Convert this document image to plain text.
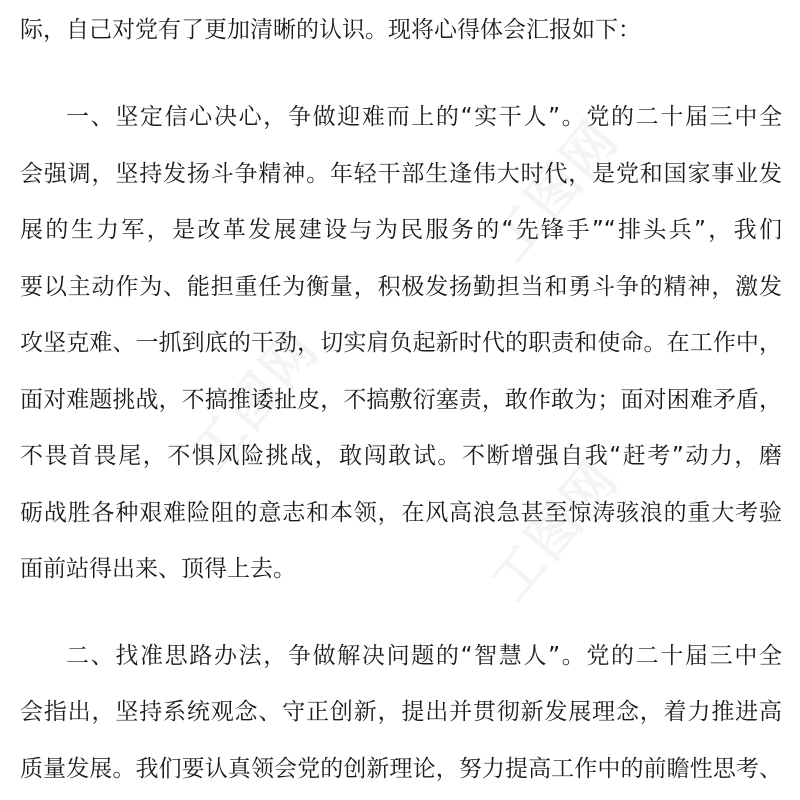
工图网
工图网
工图网
际，自己对党有了更加清晰的认识。现将心得体会汇报如下：
一、坚定信心决心，争做迎难而上的“实干人”。党的二十届三中全
会强调，坚持发扬斗争精神。年轻干部生逢伟大时代，是党和国家事业发
展的生力军，是改革发展建设与为民服务的“先锋手”“排头兵”，我们
要以主动作为、能担重任为衡量，积极发扬勤担当和勇斗争的精神，激发
攻坚克难、一抓到底的干劲，切实肩负起新时代的职责和使命。在工作中，
面对难题挑战，不搞推诿扯皮，不搞敷衍塞责，敢作敢为；面对困难矛盾，
不畏首畏尾，不惧风险挑战，敢闯敢试。不断增强自我“赶考”动力，磨
砺战胜各种艰难险阻的意志和本领，在风高浪急甚至惊涛骇浪的重大考验
面前站得出来、顶得上去。
二、找准思路办法，争做解决问题的“智慧人”。党的二十届三中全
会指出，坚持系统观念、守正创新，提出并贯彻新发展理念，着力推进高
质量发展。我们要认真领会党的创新理论，努力提高工作中的前瞻性思考、
